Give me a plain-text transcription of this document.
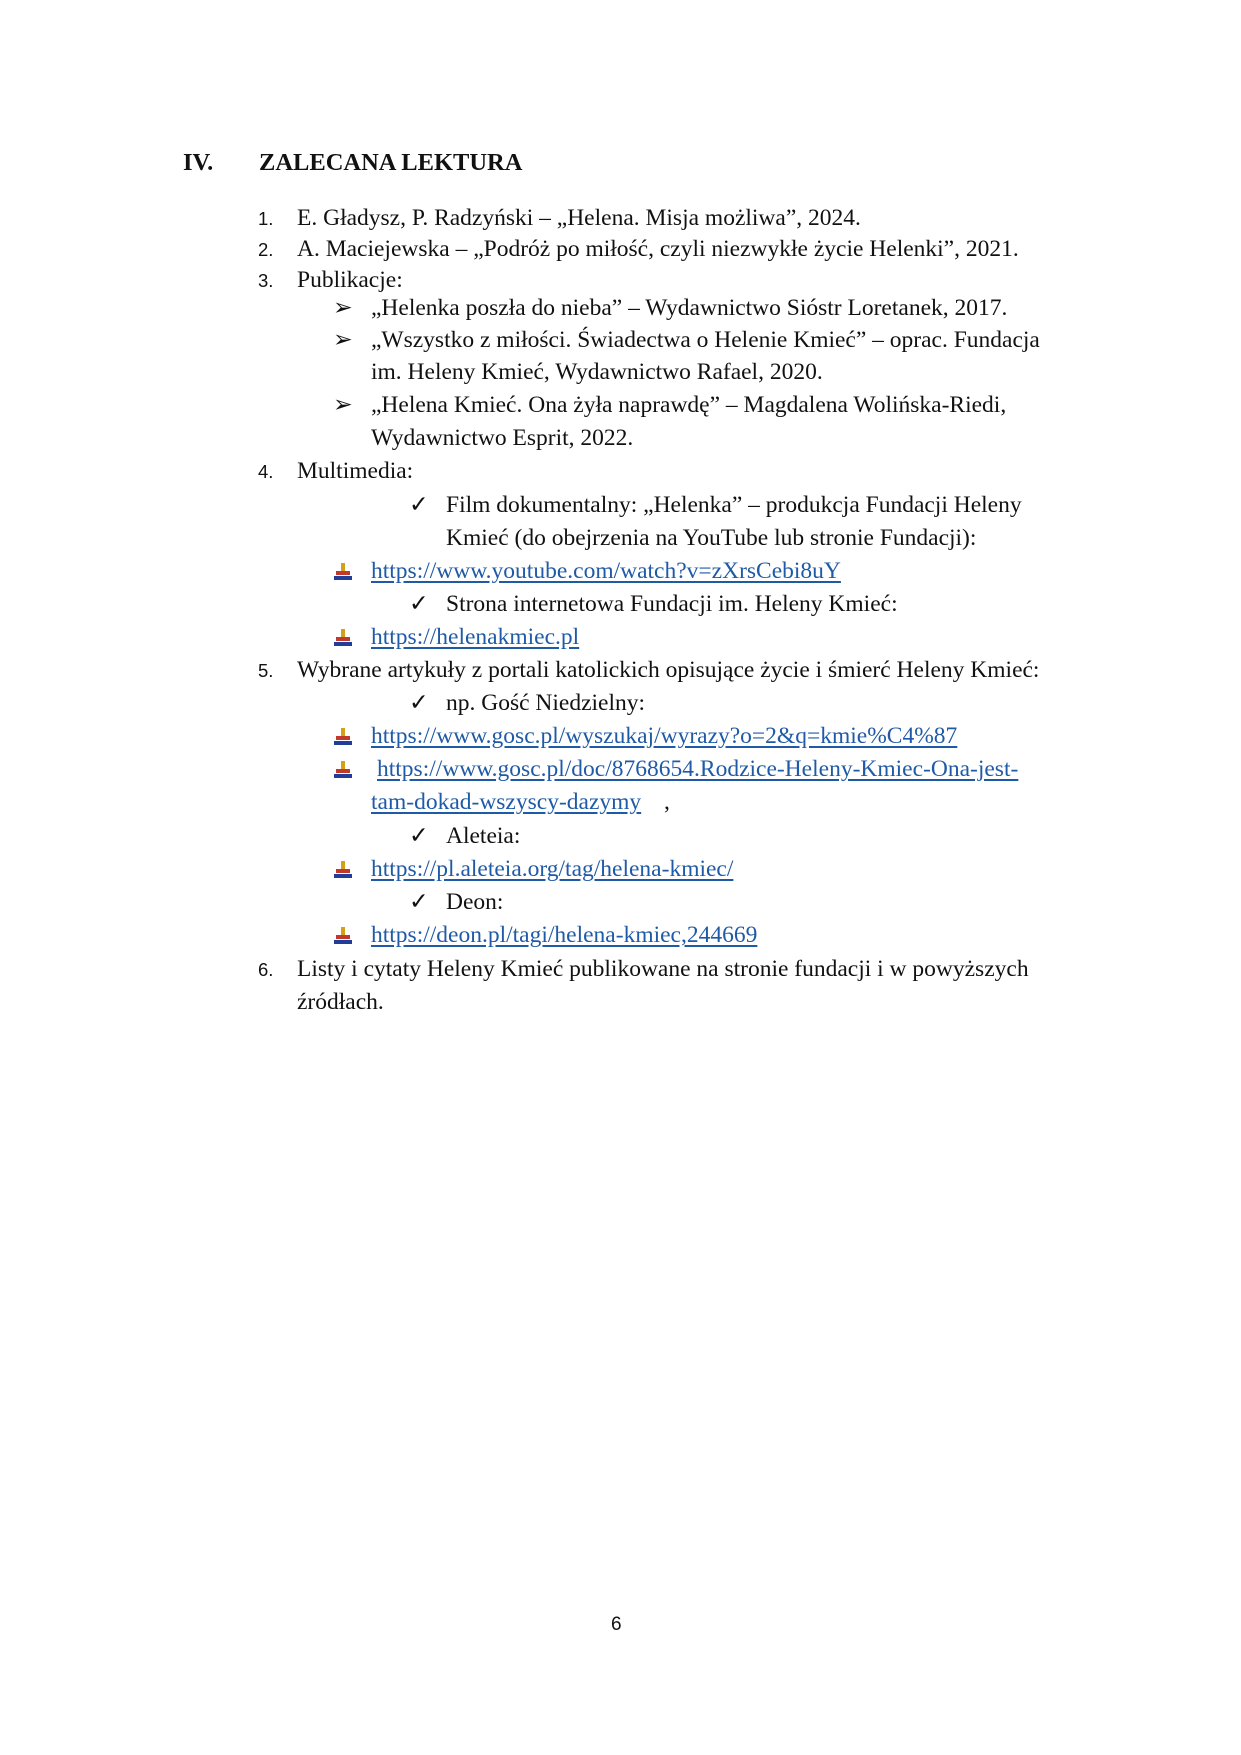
IV. ZALECANA LEKTURA
1. E. Gładysz, P. Radzyński – „Helena. Misja możliwa”, 2024.
2. A. Maciejewska – „Podróż po miłość, czyli niezwykłe życie Helenki”, 2021.
3. Publikacje:
➢ „Helenka poszła do nieba” – Wydawnictwo Sióstr Loretanek, 2017.
➢ „Wszystko z miłości. Świadectwa o Helenie Kmieć” – oprac. Fundacja
im. Heleny Kmieć, Wydawnictwo Rafael, 2020.
➢ „Helena Kmieć. Ona żyła naprawdę” – Magdalena Wolińska-Riedi,
Wydawnictwo Esprit, 2022.
4. Multimedia:
✓ Film dokumentalny: „Helenka” – produkcja Fundacji Heleny
Kmieć (do obejrzenia na YouTube lub stronie Fundacji):
https://www.youtube.com/watch?v=zXrsCebi8uY
✓ Strona internetowa Fundacji im. Heleny Kmieć:
https://helenakmiec.pl
5. Wybrane artykuły z portali katolickich opisujące życie i śmierć Heleny Kmieć:
✓ np. Gość Niedzielny:
https://www.gosc.pl/wyszukaj/wyrazy?o=2&q=kmie%C4%87
https://www.gosc.pl/doc/8768654.Rodzice-Heleny-Kmiec-Ona-jest-
tam-dokad-wszyscy-dazymy ,
✓ Aleteia:
https://pl.aleteia.org/tag/helena-kmiec/
✓ Deon:
https://deon.pl/tagi/helena-kmiec,244669
6. Listy i cytaty Heleny Kmieć publikowane na stronie fundacji i w powyższych
źródłach.
6
